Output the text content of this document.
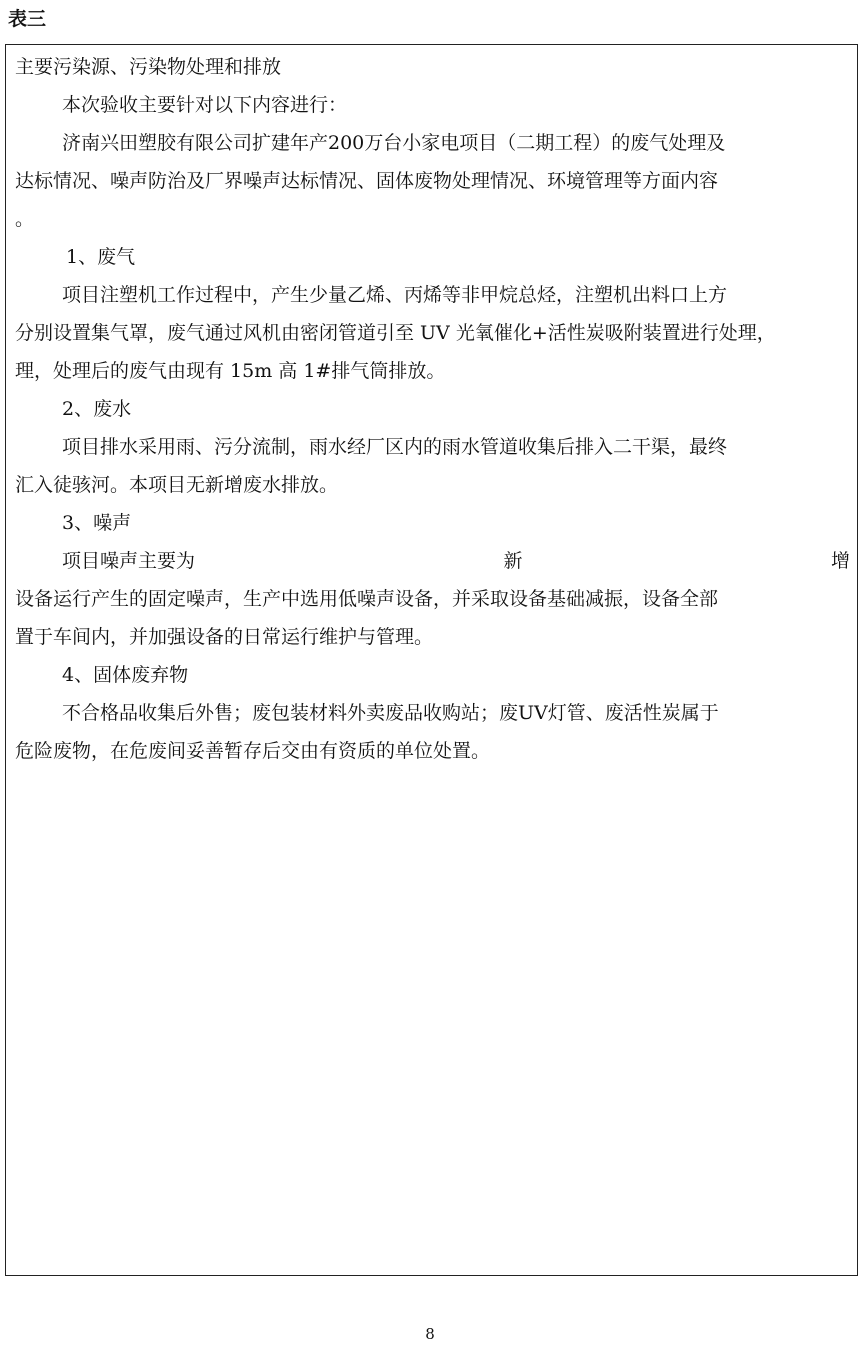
表三

主要污染源、污染物处理和排放

本次验收主要针对以下内容进行：

济南兴田塑胶有限公司扩建年产200万台小家电项目（二期工程）的废气处理及

达标情况、噪声防治及厂界噪声达标情况、固体废物处理情况、环境管理等方面内容

。

1、废气

项目注塑机工作过程中，产生少量乙烯、丙烯等非甲烷总烃，注塑机出料口上方

分别设置集气罩，废气通过风机由密闭管道引至 UV 光氧催化+活性炭吸附装置进行处理，

理，处理后的废气由现有 15m 高 1#排气筒排放。

2、废水

项目排水采用雨、污分流制，雨水经厂区内的雨水管道收集后排入二干渠，最终

汇入徒骇河。本项目无新增废水排放。

3、噪声

项目噪声主要为	新	增

设备运行产生的固定噪声，生产中选用低噪声设备，并采取设备基础减振，设备全部

置于车间内，并加强设备的日常运行维护与管理。

4、固体废弃物

不合格品收集后外售；废包装材料外卖废品收购站；废UV灯管、废活性炭属于

危险废物，在危废间妥善暂存后交由有资质的单位处置。

8
